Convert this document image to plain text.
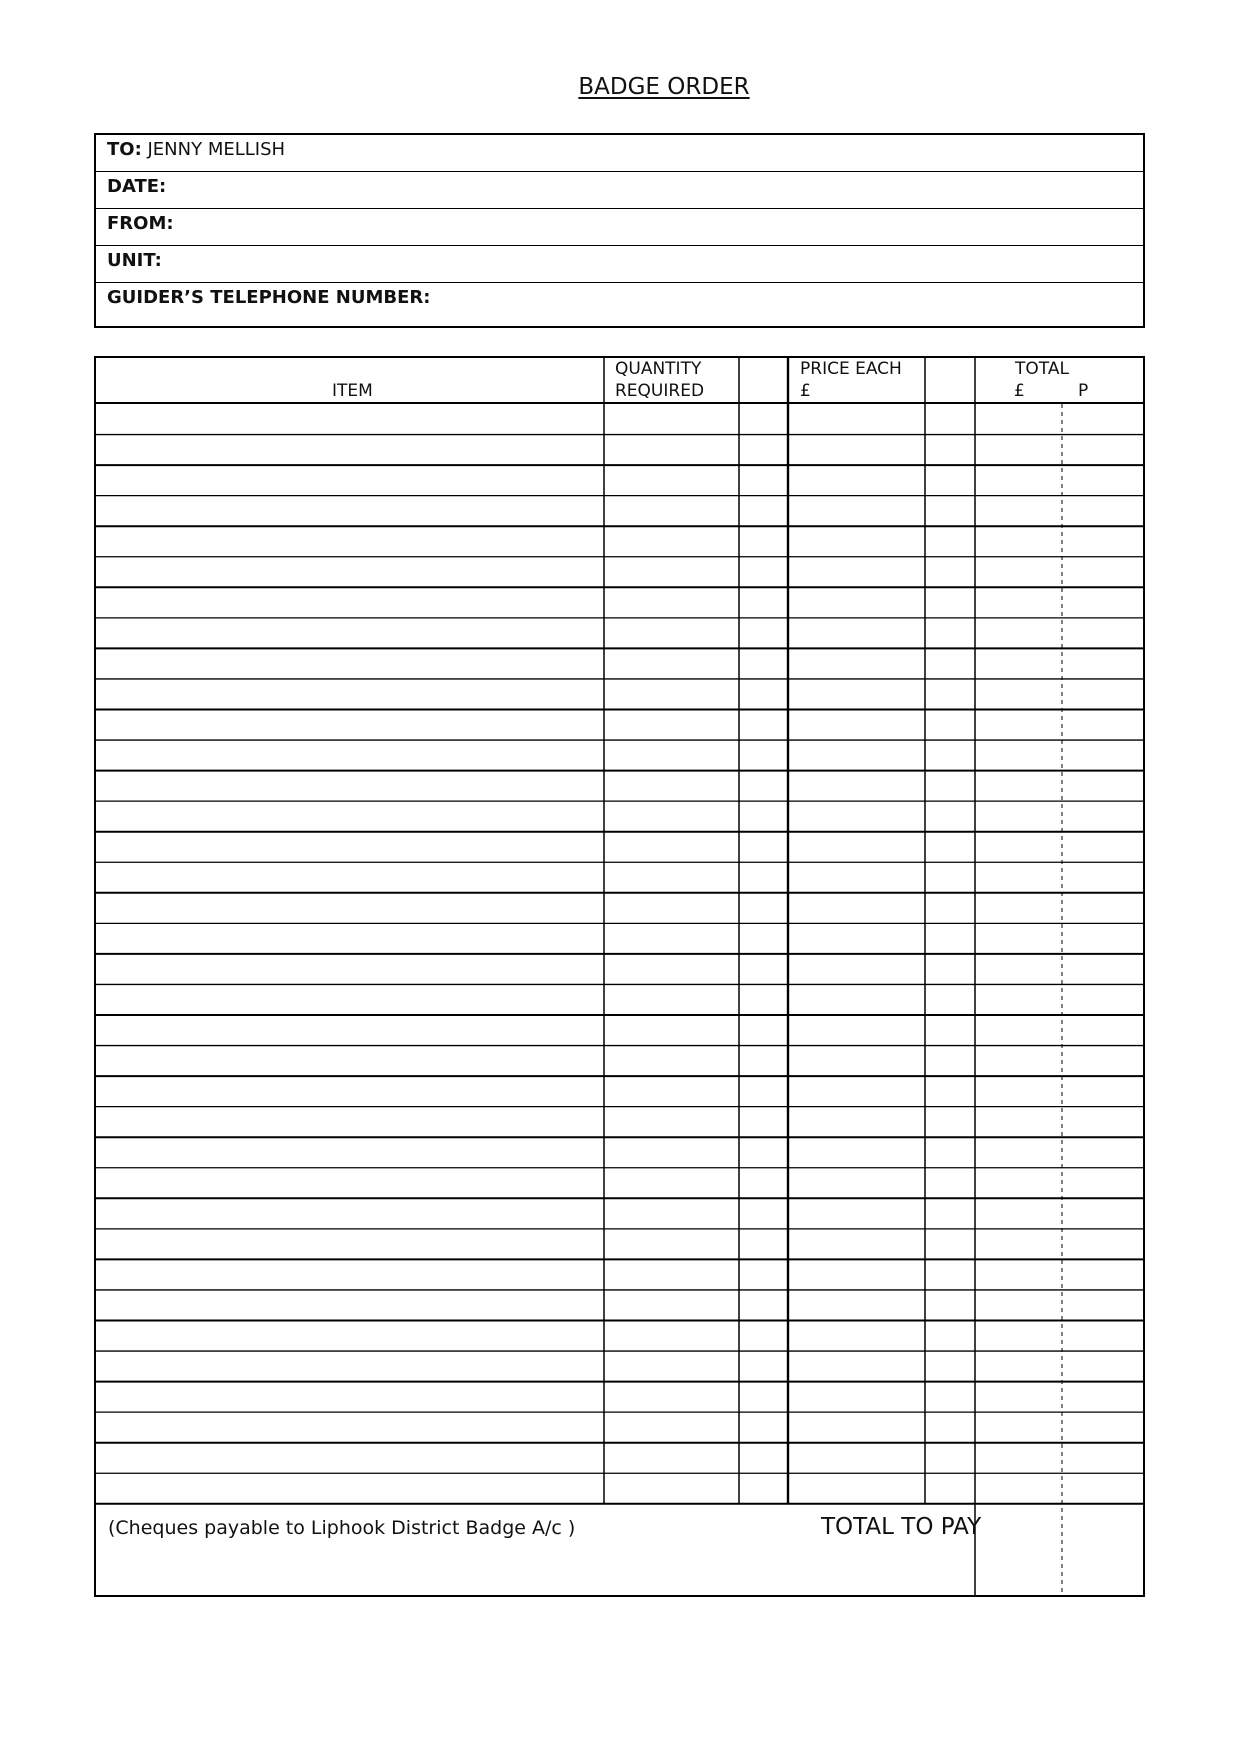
BADGE ORDER
TO: JENNY MELLISH
DATE:
FROM:
UNIT:
GUIDER’S TELEPHONE NUMBER:
ITEM
QUANTITY
REQUIRED
PRICE EACH
£
TOTAL
£	P
(Cheques payable to Liphook District Badge A/c )	TOTAL TO PAY
